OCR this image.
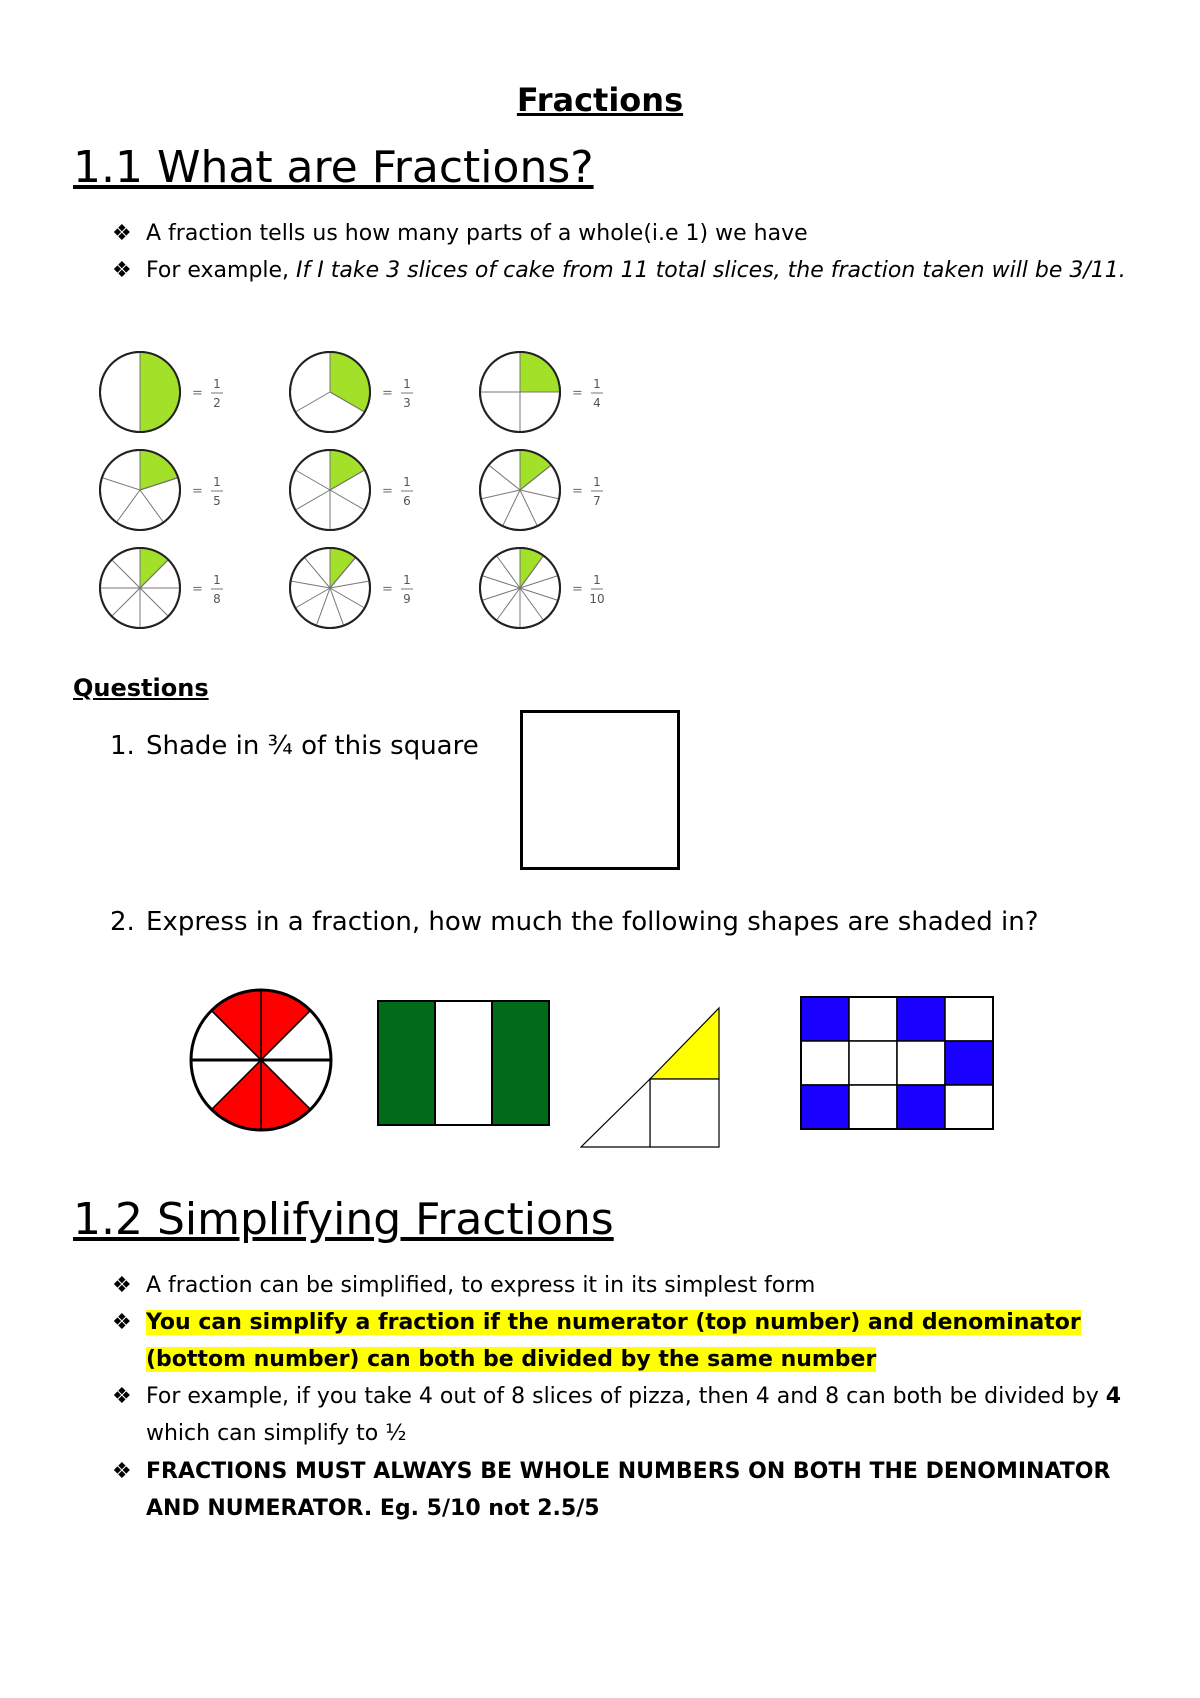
Fractions
1.1 What are Fractions?
❖ A fraction tells us how many parts of a whole(i.e 1) we have
❖ For example, If I take 3 slices of cake from 11 total slices, the fraction taken will be 3/11.
=
1
2
=
1
3
=
1
4
=
1
5
=
1
6
=
1
7
=
1
8
=
1
9
=
1
10
Questions
1. Shade in ¾ of this square
2. Express in a fraction, how much the following shapes are shaded in?
1.2 Simplifying Fractions
❖ A fraction can be simplified, to express it in its simplest form
❖ You can simplify a fraction if the numerator (top number) and denominator (bottom number) can both be divided by the same number
❖ For example, if you take 4 out of 8 slices of pizza, then 4 and 8 can both be divided by 4 which can simplify to ½
❖ FRACTIONS MUST ALWAYS BE WHOLE NUMBERS ON BOTH THE DENOMINATOR AND NUMERATOR. Eg. 5/10 not 2.5/5
